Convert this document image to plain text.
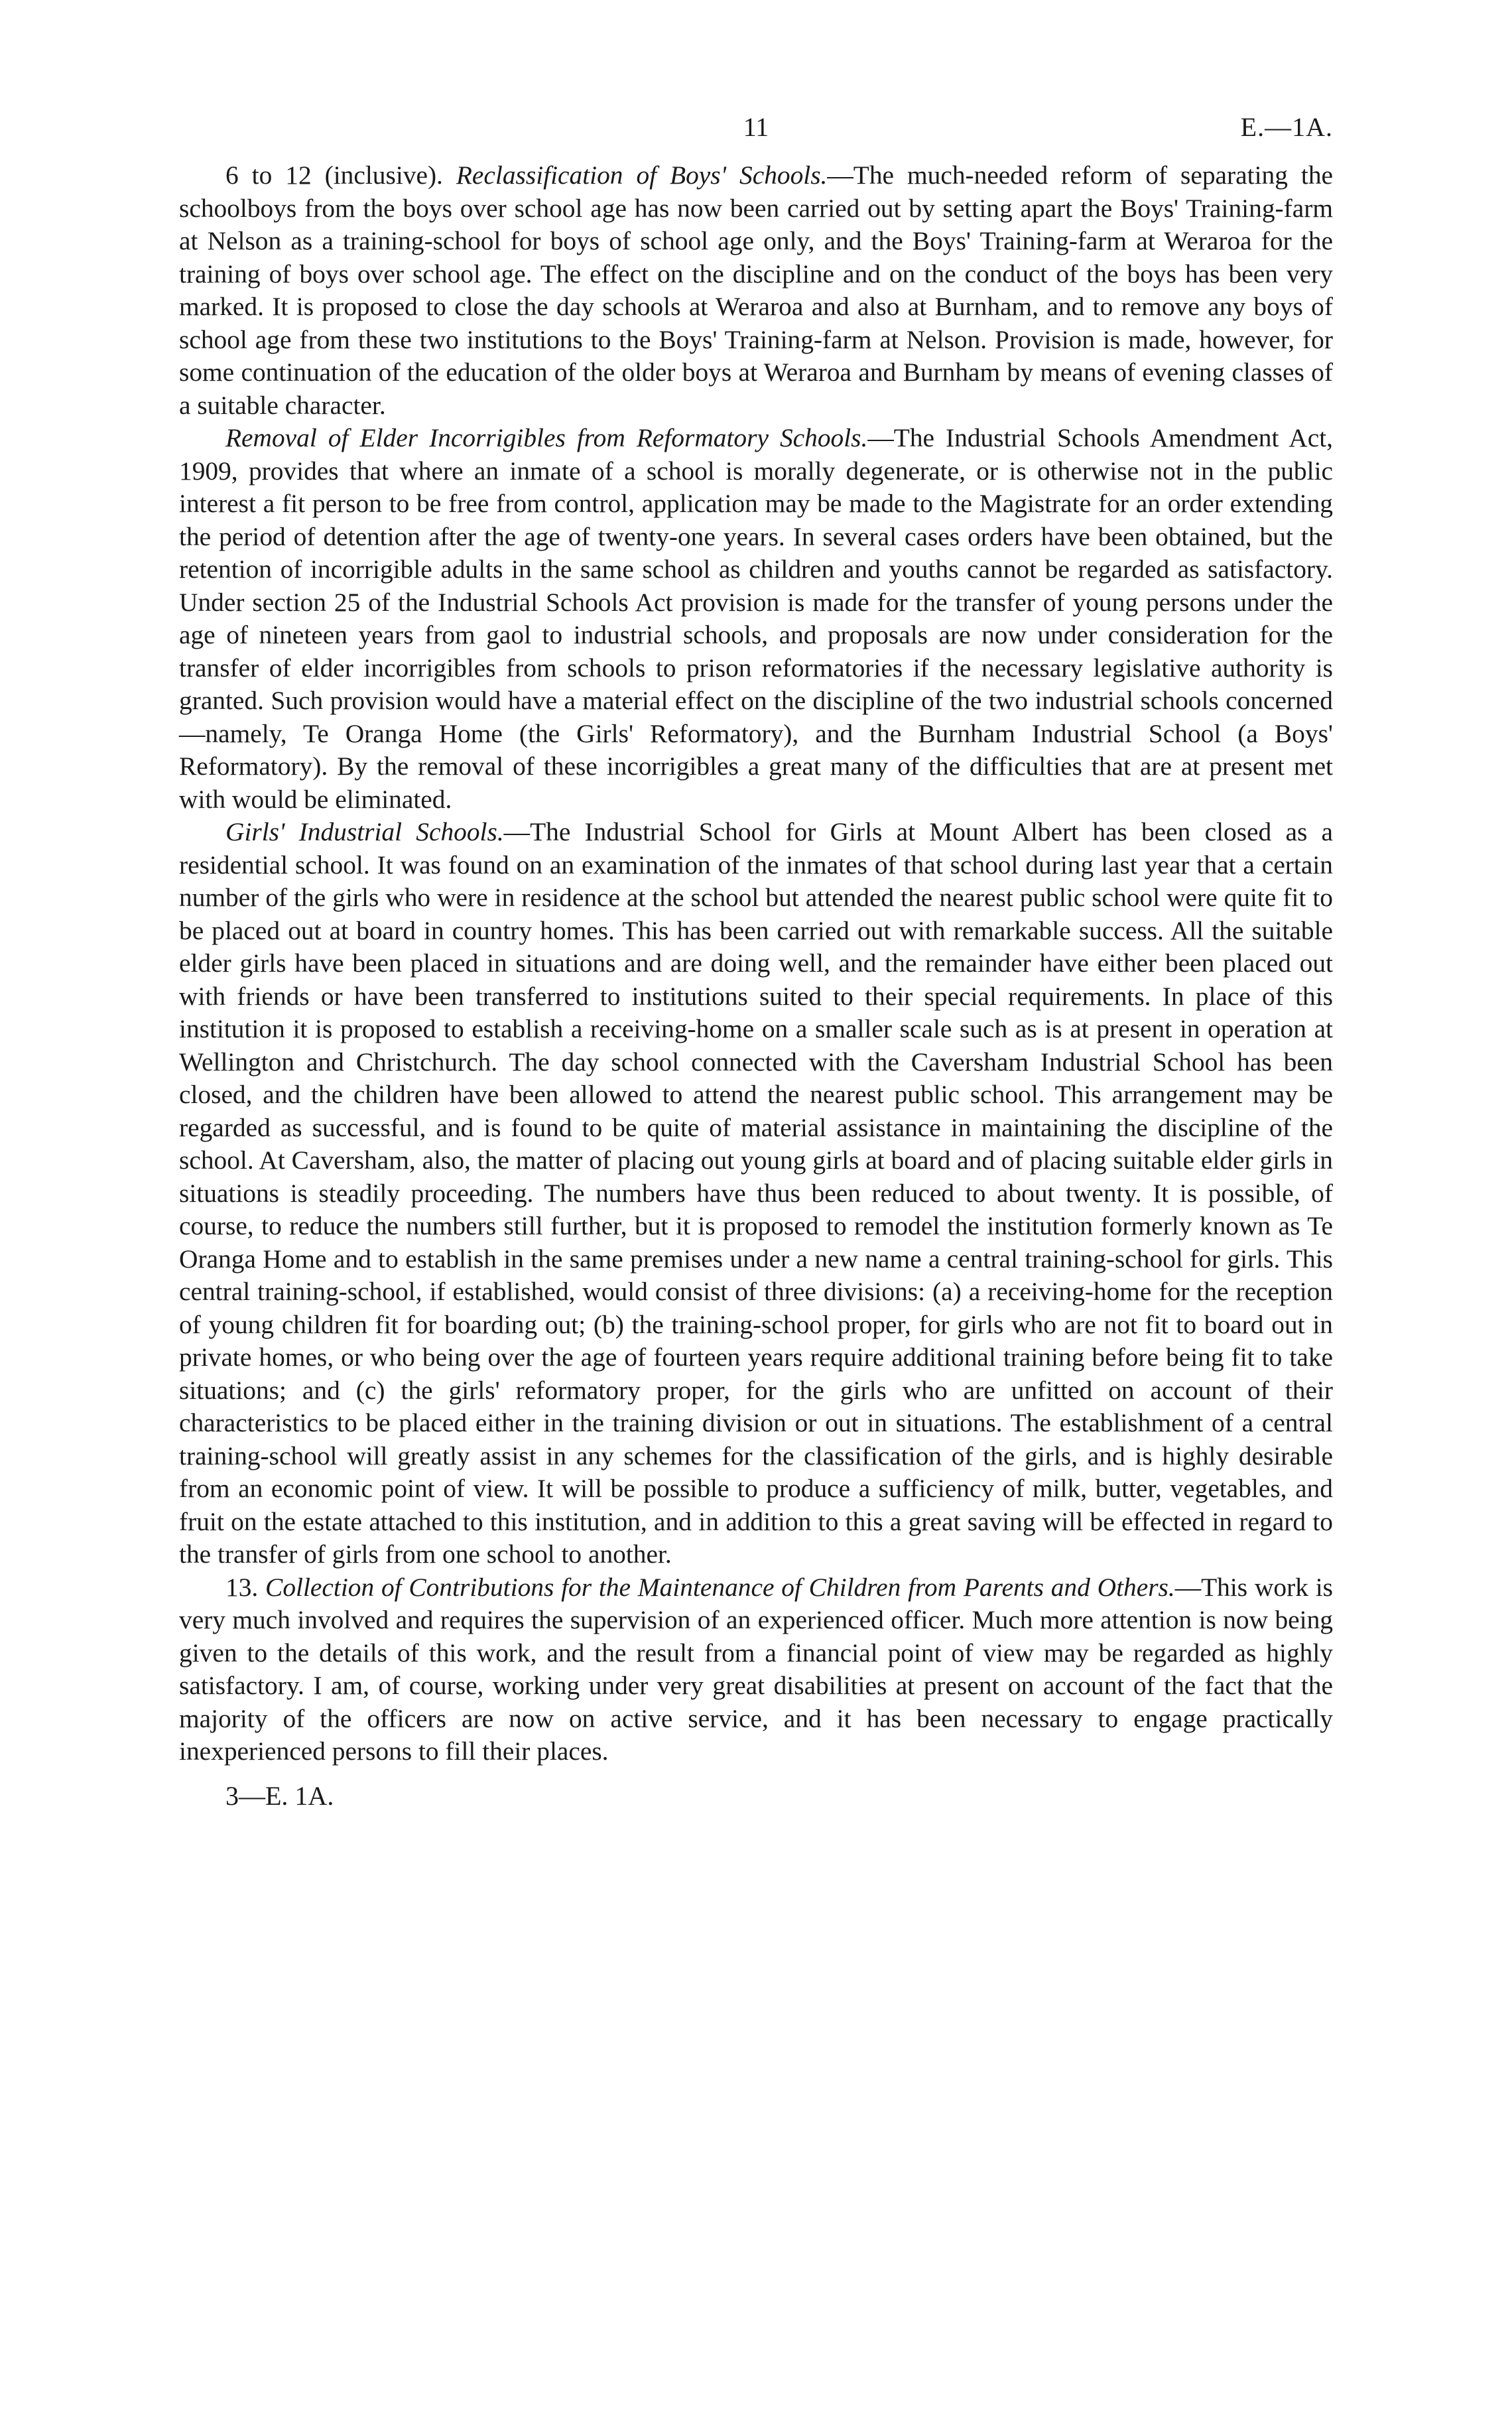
11	E.—1A.

6 to 12 (inclusive). Reclassification of Boys' Schools.—The much-needed reform of separating the schoolboys from the boys over school age has now been carried out by setting apart the Boys' Training-farm at Nelson as a training-school for boys of school age only, and the Boys' Training-farm at Weraroa for the training of boys over school age. The effect on the discipline and on the conduct of the boys has been very marked. It is proposed to close the day schools at Weraroa and also at Burnham, and to remove any boys of school age from these two institutions to the Boys' Training-farm at Nelson. Provision is made, however, for some continuation of the education of the older boys at Weraroa and Burnham by means of evening classes of a suitable character.

Removal of Elder Incorrigibles from Reformatory Schools.—The Industrial Schools Amendment Act, 1909, provides that where an inmate of a school is morally degenerate, or is otherwise not in the public interest a fit person to be free from control, application may be made to the Magistrate for an order extending the period of detention after the age of twenty-one years. In several cases orders have been obtained, but the retention of incorrigible adults in the same school as children and youths cannot be regarded as satisfactory. Under section 25 of the Industrial Schools Act provision is made for the transfer of young persons under the age of nineteen years from gaol to industrial schools, and proposals are now under consideration for the transfer of elder incorrigibles from schools to prison reformatories if the necessary legislative authority is granted. Such provision would have a material effect on the discipline of the two industrial schools concerned—namely, Te Oranga Home (the Girls' Reformatory), and the Burnham Industrial School (a Boys' Reformatory). By the removal of these incorrigibles a great many of the difficulties that are at present met with would be eliminated.

Girls' Industrial Schools.—The Industrial School for Girls at Mount Albert has been closed as a residential school. It was found on an examination of the inmates of that school during last year that a certain number of the girls who were in residence at the school but attended the nearest public school were quite fit to be placed out at board in country homes. This has been carried out with remarkable success. All the suitable elder girls have been placed in situations and are doing well, and the remainder have either been placed out with friends or have been transferred to institutions suited to their special requirements. In place of this institution it is proposed to establish a receiving-home on a smaller scale such as is at present in operation at Wellington and Christchurch. The day school connected with the Caversham Industrial School has been closed, and the children have been allowed to attend the nearest public school. This arrangement may be regarded as successful, and is found to be quite of material assistance in maintaining the discipline of the school. At Caversham, also, the matter of placing out young girls at board and of placing suitable elder girls in situations is steadily proceeding. The numbers have thus been reduced to about twenty. It is possible, of course, to reduce the numbers still further, but it is proposed to remodel the institution formerly known as Te Oranga Home and to establish in the same premises under a new name a central training-school for girls. This central training-school, if established, would consist of three divisions: (a) a receiving-home for the reception of young children fit for boarding out; (b) the training-school proper, for girls who are not fit to board out in private homes, or who being over the age of fourteen years require additional training before being fit to take situations; and (c) the girls' reformatory proper, for the girls who are unfitted on account of their characteristics to be placed either in the training division or out in situations. The establishment of a central training-school will greatly assist in any schemes for the classification of the girls, and is highly desirable from an economic point of view. It will be possible to produce a sufficiency of milk, butter, vegetables, and fruit on the estate attached to this institution, and in addition to this a great saving will be effected in regard to the transfer of girls from one school to another.

13. Collection of Contributions for the Maintenance of Children from Parents and Others.—This work is very much involved and requires the supervision of an experienced officer. Much more attention is now being given to the details of this work, and the result from a financial point of view may be regarded as highly satisfactory. I am, of course, working under very great disabilities at present on account of the fact that the majority of the officers are now on active service, and it has been necessary to engage practically inexperienced persons to fill their places.

3—E. 1A.
